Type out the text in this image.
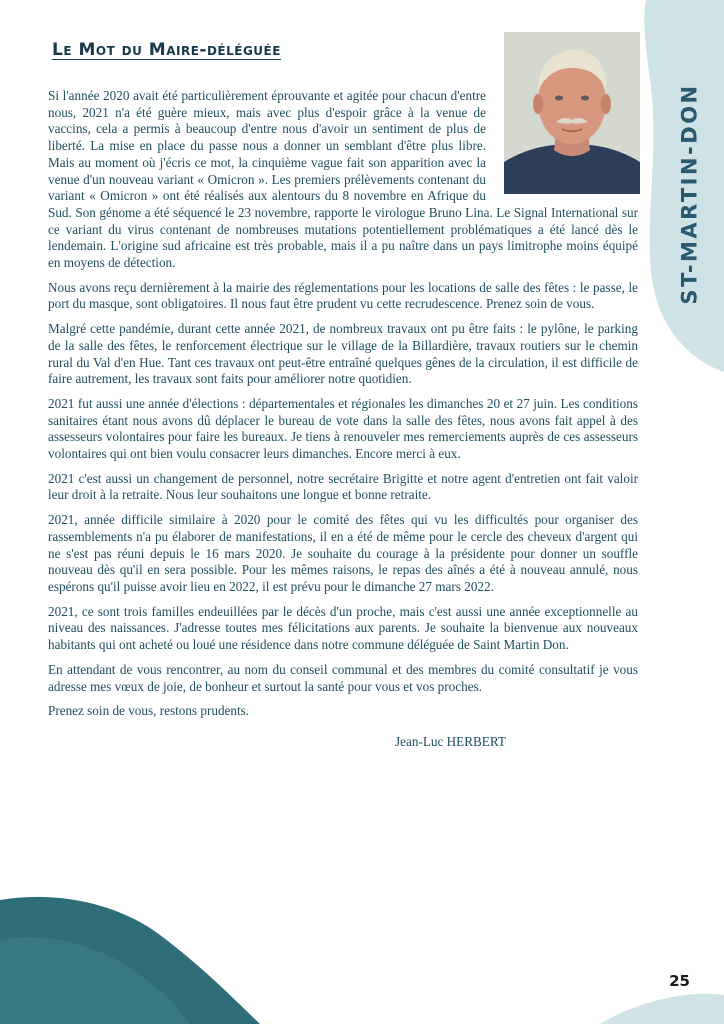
ST-MARTIN-DON
Le Mot du Maire-déléguée

Si l'année 2020 avait été particulièrement éprouvante et agitée pour chacun d'entre nous, 2021 n'a été guère mieux, mais avec plus d'espoir grâce à la venue de vaccins, cela a permis à beaucoup d'entre nous d'avoir un sentiment de plus de liberté. La mise en place du passe nous a donner un semblant d'être plus libre. Mais au moment où j'écris ce mot, la cinquième vague fait son apparition avec la venue d'un nouveau variant « Omicron ». Les premiers prélèvements contenant du variant « Omicron » ont été réalisés aux alentours du 8 novembre en Afrique du Sud. Son génome a été séquencé le 23 novembre, rapporte le virologue Bruno Lina. Le Signal International sur ce variant du virus contenant de nombreuses mutations potentiellement problématiques a été lancé dès le lendemain. L'origine sud africaine est très probable, mais il a pu naître dans un pays limitrophe moins équipé en moyens de détection.

Nous avons reçu dernièrement à la mairie des réglementations pour les locations de salle des fêtes : le passe, le port du masque, sont obligatoires. Il nous faut être prudent vu cette recrudescence. Prenez soin de vous.

Malgré cette pandémie, durant cette année 2021, de nombreux travaux ont pu être faits : le pylône, le parking de la salle des fêtes, le renforcement électrique sur le village de la Billardière, travaux routiers sur le chemin rural du Val d'en Hue. Tant ces travaux ont peut-être entraîné quelques gênes de la circulation, il est difficile de faire autrement, les travaux sont faits pour améliorer notre quotidien.

2021 fut aussi une année d'élections : départementales et régionales les dimanches 20 et 27 juin. Les conditions sanitaires étant nous avons dû déplacer le bureau de vote dans la salle des fêtes, nous avons fait appel à des assesseurs volontaires pour faire les bureaux. Je tiens à renouveler mes remerciements auprès de ces assesseurs volontaires qui ont bien voulu consacrer leurs dimanches. Encore merci à eux.

2021 c'est aussi un changement de personnel, notre secrétaire Brigitte et notre agent d'entretien ont fait valoir leur droit à la retraite. Nous leur souhaitons une longue et bonne retraite.

2021, année difficile similaire à 2020 pour le comité des fêtes qui vu les difficultés pour organiser des rassemblements n'a pu élaborer de manifestations, il en a été de même pour le cercle des cheveux d'argent qui ne s'est pas réuni depuis le 16 mars 2020. Je souhaite du courage à la présidente pour donner un souffle nouveau dès qu'il en sera possible. Pour les mêmes raisons, le repas des aînés a été à nouveau annulé, nous espérons qu'il puisse avoir lieu en 2022, il est prévu pour le dimanche 27 mars 2022.

2021, ce sont trois familles endeuillées par le décès d'un proche, mais c'est aussi une année exceptionnelle au niveau des naissances. J'adresse toutes mes félicitations aux parents. Je souhaite la bienvenue aux nouveaux habitants qui ont acheté ou loué une résidence dans notre commune déléguée de Saint Martin Don.

En attendant de vous rencontrer, au nom du conseil communal et des membres du comité consultatif je vous adresse mes vœux de joie, de bonheur et surtout la santé pour vous et vos proches.

Prenez soin de vous, restons prudents.

Jean-Luc HERBERT
25
